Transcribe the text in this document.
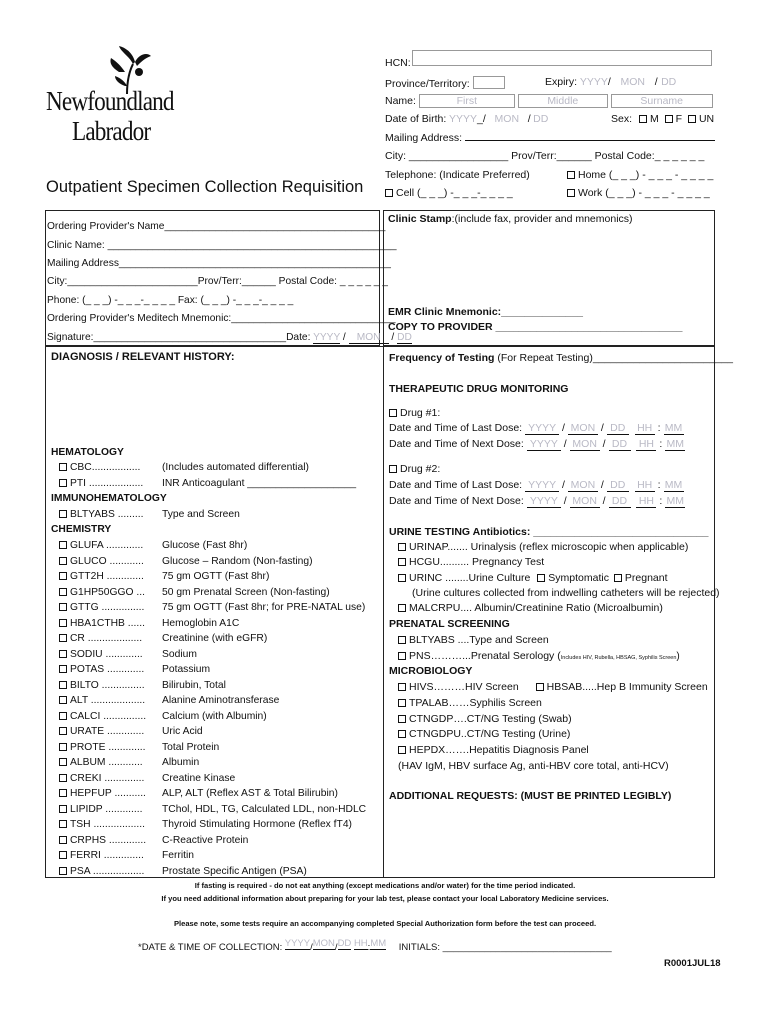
Newfoundland
Labrador
Outpatient Specimen Collection Requisition
HCN:
Province/Territory:	Expiry: YYYY/ MON / DD
Name:	First	Middle	Surname
Date of Birth: YYYY_/ MON / DD	Sex: M F UN
Mailing Address:
City: _________________ Prov/Terr:______ Postal Code:_ _ _ _ _ _
Telephone: (Indicate Preferred)	Home (_ _ _) - _ _ _ - _ _ _ _
Cell (_ _ _) -_ _ _-_ _ _ _	Work (_ _ _) - _ _ _ - _ _ _ _
Ordering Provider's Name_______________________________________
Clinic Name: ___________________________________________________
Mailing Address________________________________________________
City:_______________________Prov/Terr:______ Postal Code: _ _ _ _ _ _
Phone: (_ _ _) -_ _ _-_ _ _ _ Fax: (_ _ _) -_ _ _-_ _ _ _
Ordering Provider's Meditech Mnemonic:_____________________________
Signature:__________________________________Date: YYYY / MON / DD
Clinic Stamp:(include fax, provider and mnemonics)
EMR Clinic Mnemonic:______________
COPY TO PROVIDER ________________________________
DIAGNOSIS / RELEVANT HISTORY:
HEMATOLOGY
CBC................. (Includes automated differential)
PTI ................... INR Anticoagulant ___________________
IMMUNOHEMATOLOGY
BLTYABS ......... Type and Screen
CHEMISTRY
GLUFA ............. Glucose (Fast 8hr)
GLUCO ............ Glucose – Random (Non-fasting)
GTT2H ............. 75 gm OGTT (Fast 8hr)
G1HP50GGO ... 50 gm Prenatal Screen (Non-fasting)
GTTG ............... 75 gm OGTT (Fast 8hr; for PRE-NATAL use)
HBA1CTHB ...... Hemoglobin A1C
CR ................... Creatinine (with eGFR)
SODIU ............. Sodium
POTAS ............. Potassium
BILTO ............... Bilirubin, Total
ALT ................... Alanine Aminotransferase
CALCI ............... Calcium (with Albumin)
URATE ............. Uric Acid
PROTE ............. Total Protein
ALBUM ............ Albumin
CREKI .............. Creatine Kinase
HEPFUP ........... ALP, ALT (Reflex AST & Total Bilirubin)
LIPIDP ............. TChol, HDL, TG, Calculated LDL, non-HDLC
TSH .................. Thyroid Stimulating Hormone (Reflex fT4)
CRPHS ............. C-Reactive Protein
FERRI .............. Ferritin
PSA .................. Prostate Specific Antigen (PSA)
Frequency of Testing (For Repeat Testing)________________________
THERAPEUTIC DRUG MONITORING
Drug #1:
Date and Time of Last Dose: YYYY / MON / DD HH : MM
Date and Time of Next Dose: YYYY / MON / DD HH : MM
Drug #2:
Date and Time of Last Dose: YYYY / MON / DD HH : MM
Date and Time of Next Dose: YYYY / MON / DD HH : MM
URINE TESTING Antibiotics: ______________________________
URINAP....... Urinalysis (reflex microscopic when applicable)
HCGU.......... Pregnancy Test
URINC ........Urine Culture Symptomatic Pregnant
(Urine cultures collected from indwelling catheters will be rejected)
MALCRPU.... Albumin/Creatinine Ratio (Microalbumin)
PRENATAL SCREENING
BLTYABS ....Type and Screen
PNS………...Prenatal Serology (Includes HIV, Rubella, HBSAG, Syphilis Screen)
MICROBIOLOGY
HIVS………HIV Screen	HBSAB.....Hep B Immunity Screen
TPALAB……Syphilis Screen
CTNGDP….CT/NG Testing (Swab)
CTNGDPU..CT/NG Testing (Urine)
HEPDX…….Hepatitis Diagnosis Panel
(HAV IgM, HBV surface Ag, anti-HBV core total, anti-HCV)
ADDITIONAL REQUESTS: (MUST BE PRINTED LEGIBLY)
If fasting is required - do not eat anything (except medications and/or water) for the time period indicated.
If you need additional information about preparing for your lab test, please contact your local Laboratory Medicine services.
Please note, some tests require an accompanying completed Special Authorization form before the test can proceed.
*DATE & TIME OF COLLECTION: YYYY/MON/DD HH:MM INITIALS: ________________________________
R0001JUL18
